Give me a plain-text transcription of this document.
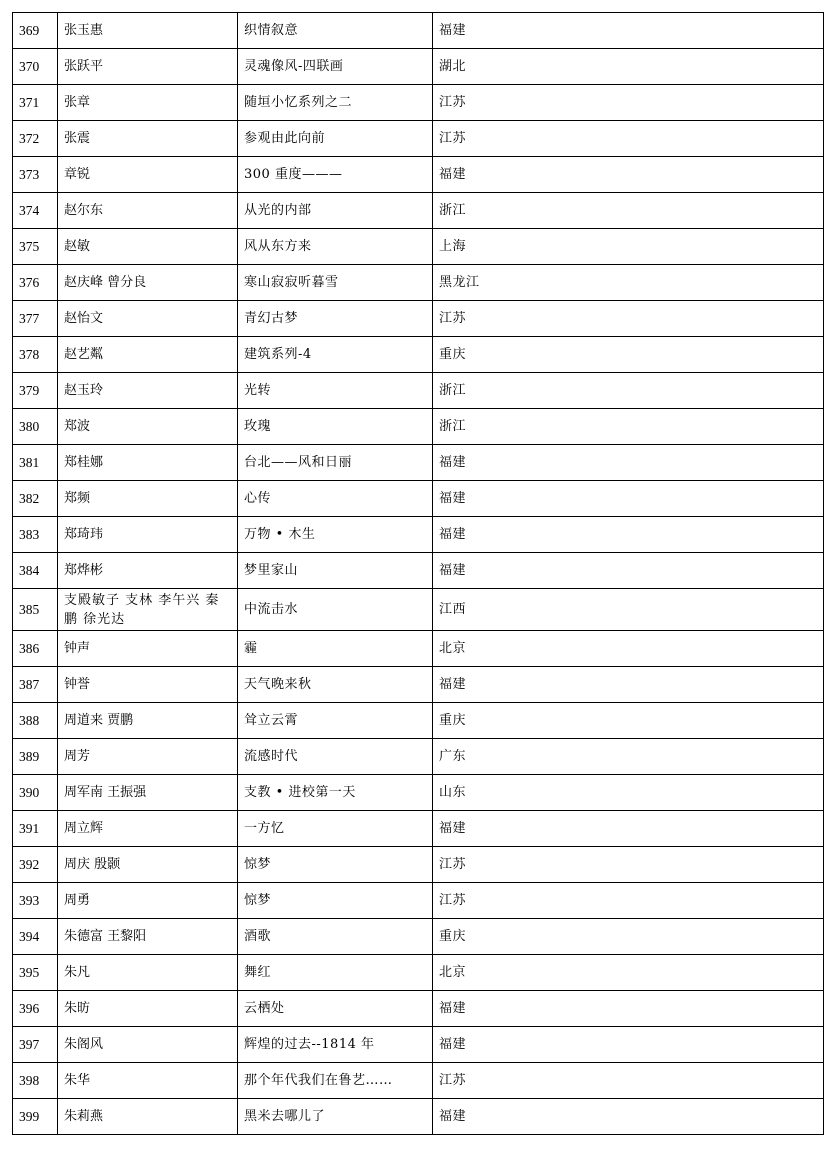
369	张玉惠	织情叙意	福建
370	张跃平	灵魂像风-四联画	湖北
371	张章	随垣小忆系列之二	江苏
372	张震	参观由此向前	江苏
373	章锐	300 重度———	福建
374	赵尔东	从光的内部	浙江
375	赵敏	风从东方来	上海
376	赵庆峰 曾分良	寒山寂寂听暮雪	黑龙江
377	赵怡文	青幻古梦	江苏
378	赵艺粼	建筑系列-4	重庆
379	赵玉玲	光转	浙江
380	郑波	玫瑰	浙江
381	郑桂娜	台北——风和日丽	福建
382	郑频	心传	福建
383	郑琦玮	万物 • 木生	福建
384	郑烨彬	梦里家山	福建
385	支殿敏子 支林 李午兴 秦鹏 徐光达	中流击水	江西
386	钟声	霾	北京
387	钟誉	天气晚来秋	福建
388	周道来 贾鹏	耸立云霄	重庆
389	周芳	流感时代	广东
390	周军南 王振强	支教 • 进校第一天	山东
391	周立辉	一方忆	福建
392	周庆 殷颢	惊梦	江苏
393	周勇	惊梦	江苏
394	朱德富 王黎阳	酒歌	重庆
395	朱凡	舞红	北京
396	朱昉	云栖处	福建
397	朱阁风	辉煌的过去--1814 年	福建
398	朱华	那个年代我们在鲁艺……	江苏
399	朱莉燕	黑米去哪儿了	福建
